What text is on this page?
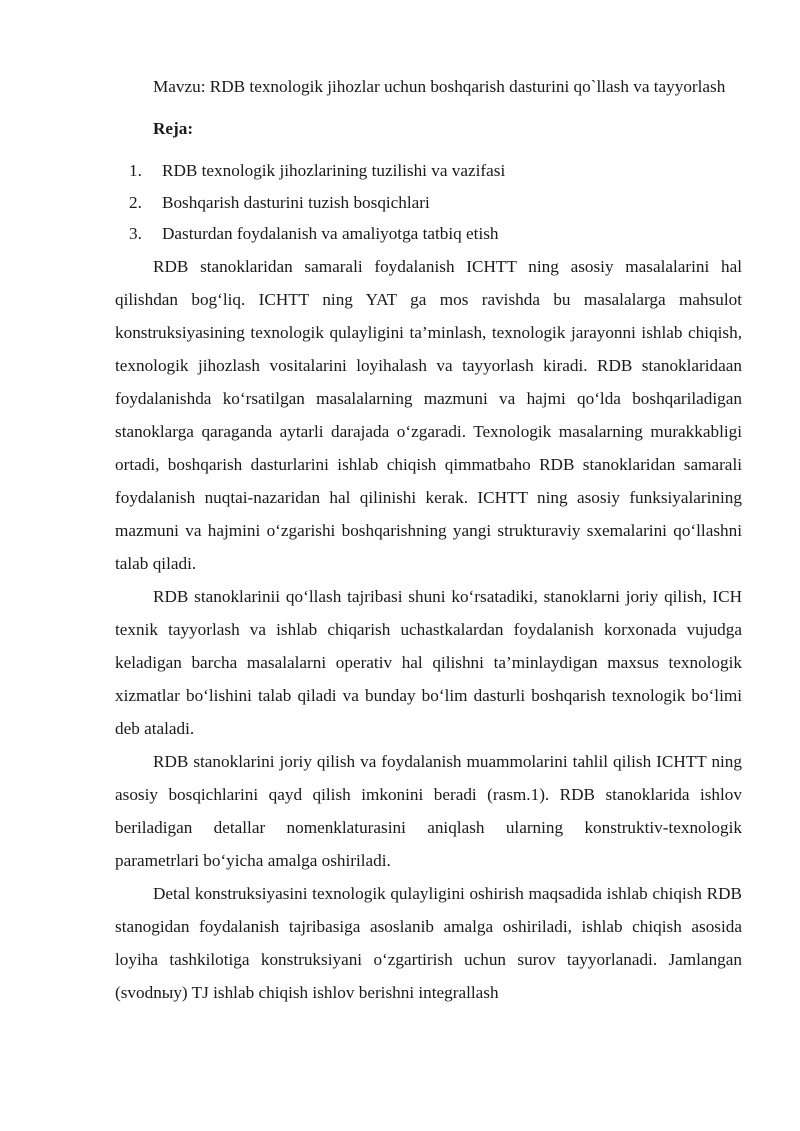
Mavzu: RDB texnologik jihozlar uchun boshqarish dasturini qo`llash va tayyorlash

Reja:

1. RDB texnologik jihozlarining tuzilishi va vazifasi
2. Boshqarish dasturini tuzish bosqichlari
3. Dasturdan foydalanish va amaliyotga tatbiq etish

RDB stanoklaridan samarali foydalanish ICHTT ning asosiy masalalarini hal qilishdan bog‘liq. ICHTT ning YAT ga mos ravishda bu masalalarga mahsulot konstruksiyasining texnologik qulayligini ta’minlash, texnologik jarayonni ishlab chiqish, texnologik jihozlash vositalarini loyihalash va tayyorlash kiradi. RDB stanoklaridaan foydalanishda ko‘rsatilgan masalalarning mazmuni va hajmi qo‘lda boshqariladigan stanoklarga qaraganda aytarli darajada o‘zgaradi. Texnologik masalarning murakkabligi ortadi, boshqarish dasturlarini ishlab chiqish qimmatbaho RDB stanoklaridan samarali foydalanish nuqtai-nazaridan hal qilinishi kerak. ICHTT ning asosiy funksiyalarining mazmuni va hajmini o‘zgarishi boshqarishning yangi strukturaviy sxemalarini qo‘llashni talab qiladi.

RDB stanoklarinii qo‘llash tajribasi shuni ko‘rsatadiki, stanoklarni joriy qilish, ICH texnik tayyorlash va ishlab chiqarish uchastkalardan foydalanish korxonada vujudga keladigan barcha masalalarni operativ hal qilishni ta’minlaydigan maxsus texnologik xizmatlar bo‘lishini talab qiladi va bunday bo‘lim dasturli boshqarish texnologik bo‘limi deb ataladi.

RDB stanoklarini joriy qilish va foydalanish muammolarini tahlil qilish ICHTT ning asosiy bosqichlarini qayd qilish imkonini beradi (rasm.1). RDB stanoklarida ishlov beriladigan detallar nomenklaturasini aniqlash ularning konstruktiv-texnologik parametrlari bo‘yicha amalga oshiriladi.

Detal konstruksiyasini texnologik qulayligini oshirish maqsadida ishlab chiqish RDB stanogidan foydalanish tajribasiga asoslanib amalga oshiriladi, ishlab chiqish asosida loyiha tashkilotiga konstruksiyani o‘zgartirish uchun surov tayyorlanadi. Jamlangan (svodnыy) TJ ishlab chiqish ishlov berishni integrallash
